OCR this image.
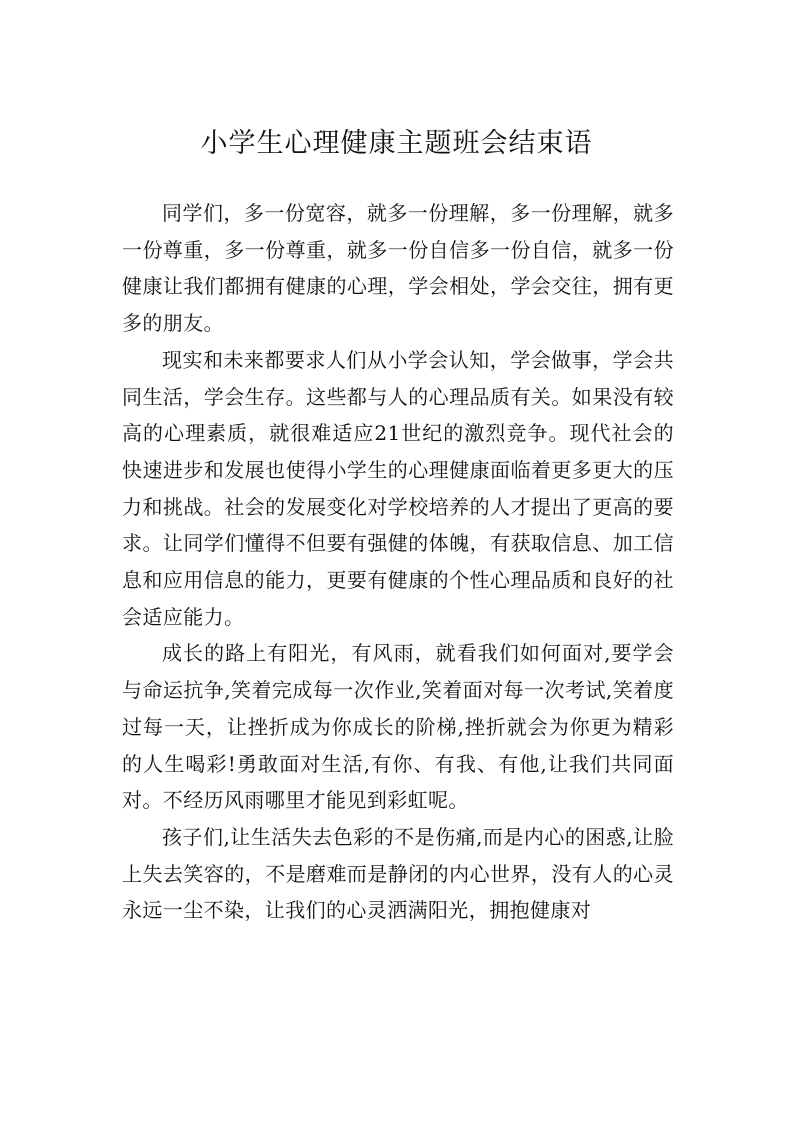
小学生心理健康主题班会结束语

同学们，多一份宽容，就多一份理解，多一份理解，就多一份尊重，多一份尊重，就多一份自信多一份自信，就多一份健康让我们都拥有健康的心理，学会相处，学会交往，拥有更多的朋友。

现实和未来都要求人们从小学会认知，学会做事，学会共同生活，学会生存。这些都与人的心理品质有关。如果没有较高的心理素质，就很难适应21世纪的激烈竞争。现代社会的快速进步和发展也使得小学生的心理健康面临着更多更大的压力和挑战。社会的发展变化对学校培养的人才提出了更高的要求。让同学们懂得不但要有强健的体魄，有获取信息、加工信息和应用信息的能力，更要有健康的个性心理品质和良好的社会适应能力。

成长的路上有阳光，有风雨，就看我们如何面对,要学会与命运抗争,笑着完成每一次作业,笑着面对每一次考试,笑着度过每一天，让挫折成为你成长的阶梯,挫折就会为你更为精彩的人生喝彩!勇敢面对生活,有你、有我、有他,让我们共同面对。不经历风雨哪里才能见到彩虹呢。

孩子们,让生活失去色彩的不是伤痛,而是内心的困惑,让脸上失去笑容的，不是磨难而是静闭的内心世界，没有人的心灵永远一尘不染，让我们的心灵洒满阳光，拥抱健康对
